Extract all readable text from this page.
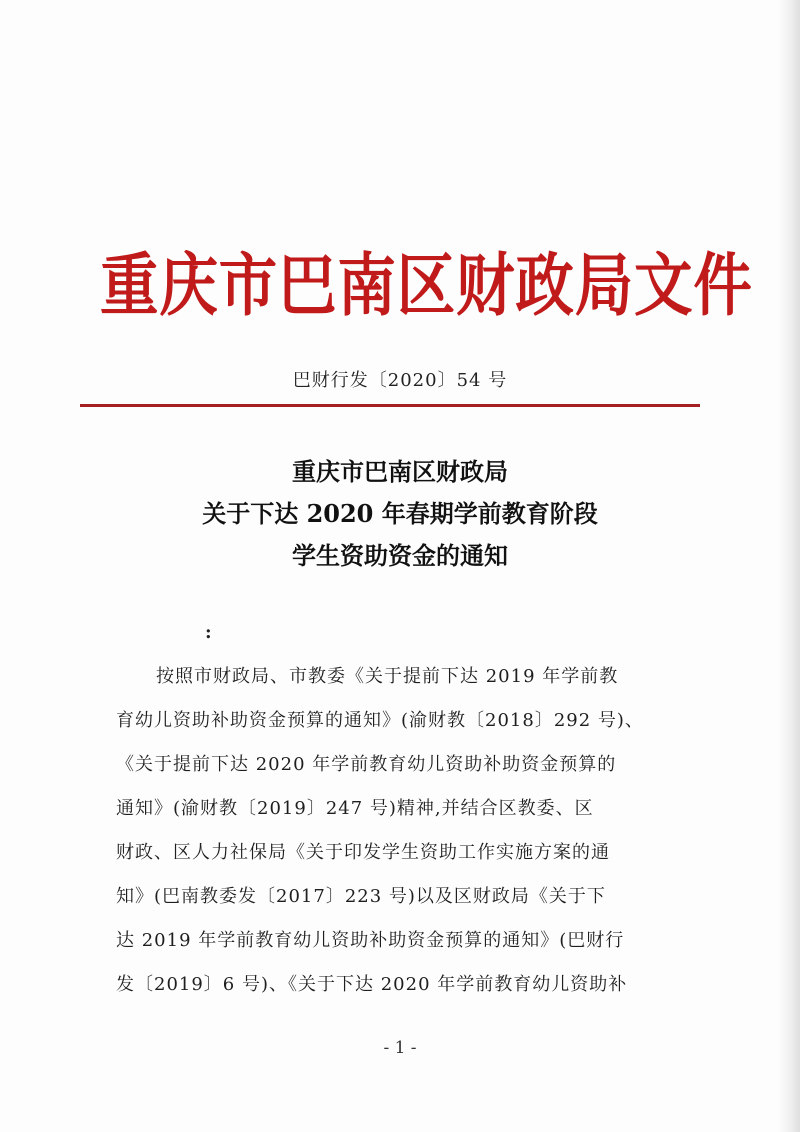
重庆市巴南区财政局文件
巴财行发〔2020〕54 号
重庆市巴南区财政局
关于下达 2020 年春期学前教育阶段
学生资助资金的通知
:
按照市财政局、市教委《关于提前下达 2019 年学前教
育幼儿资助补助资金预算的通知》(渝财教〔2018〕292 号)、
《关于提前下达 2020 年学前教育幼儿资助补助资金预算的
通知》(渝财教〔2019〕247 号)精神,并结合区教委、区
财政、区人力社保局《关于印发学生资助工作实施方案的通
知》(巴南教委发〔2017〕223 号)以及区财政局《关于下
达 2019 年学前教育幼儿资助补助资金预算的通知》(巴财行
发〔2019〕6 号)、《关于下达 2020 年学前教育幼儿资助补
- 1 -
